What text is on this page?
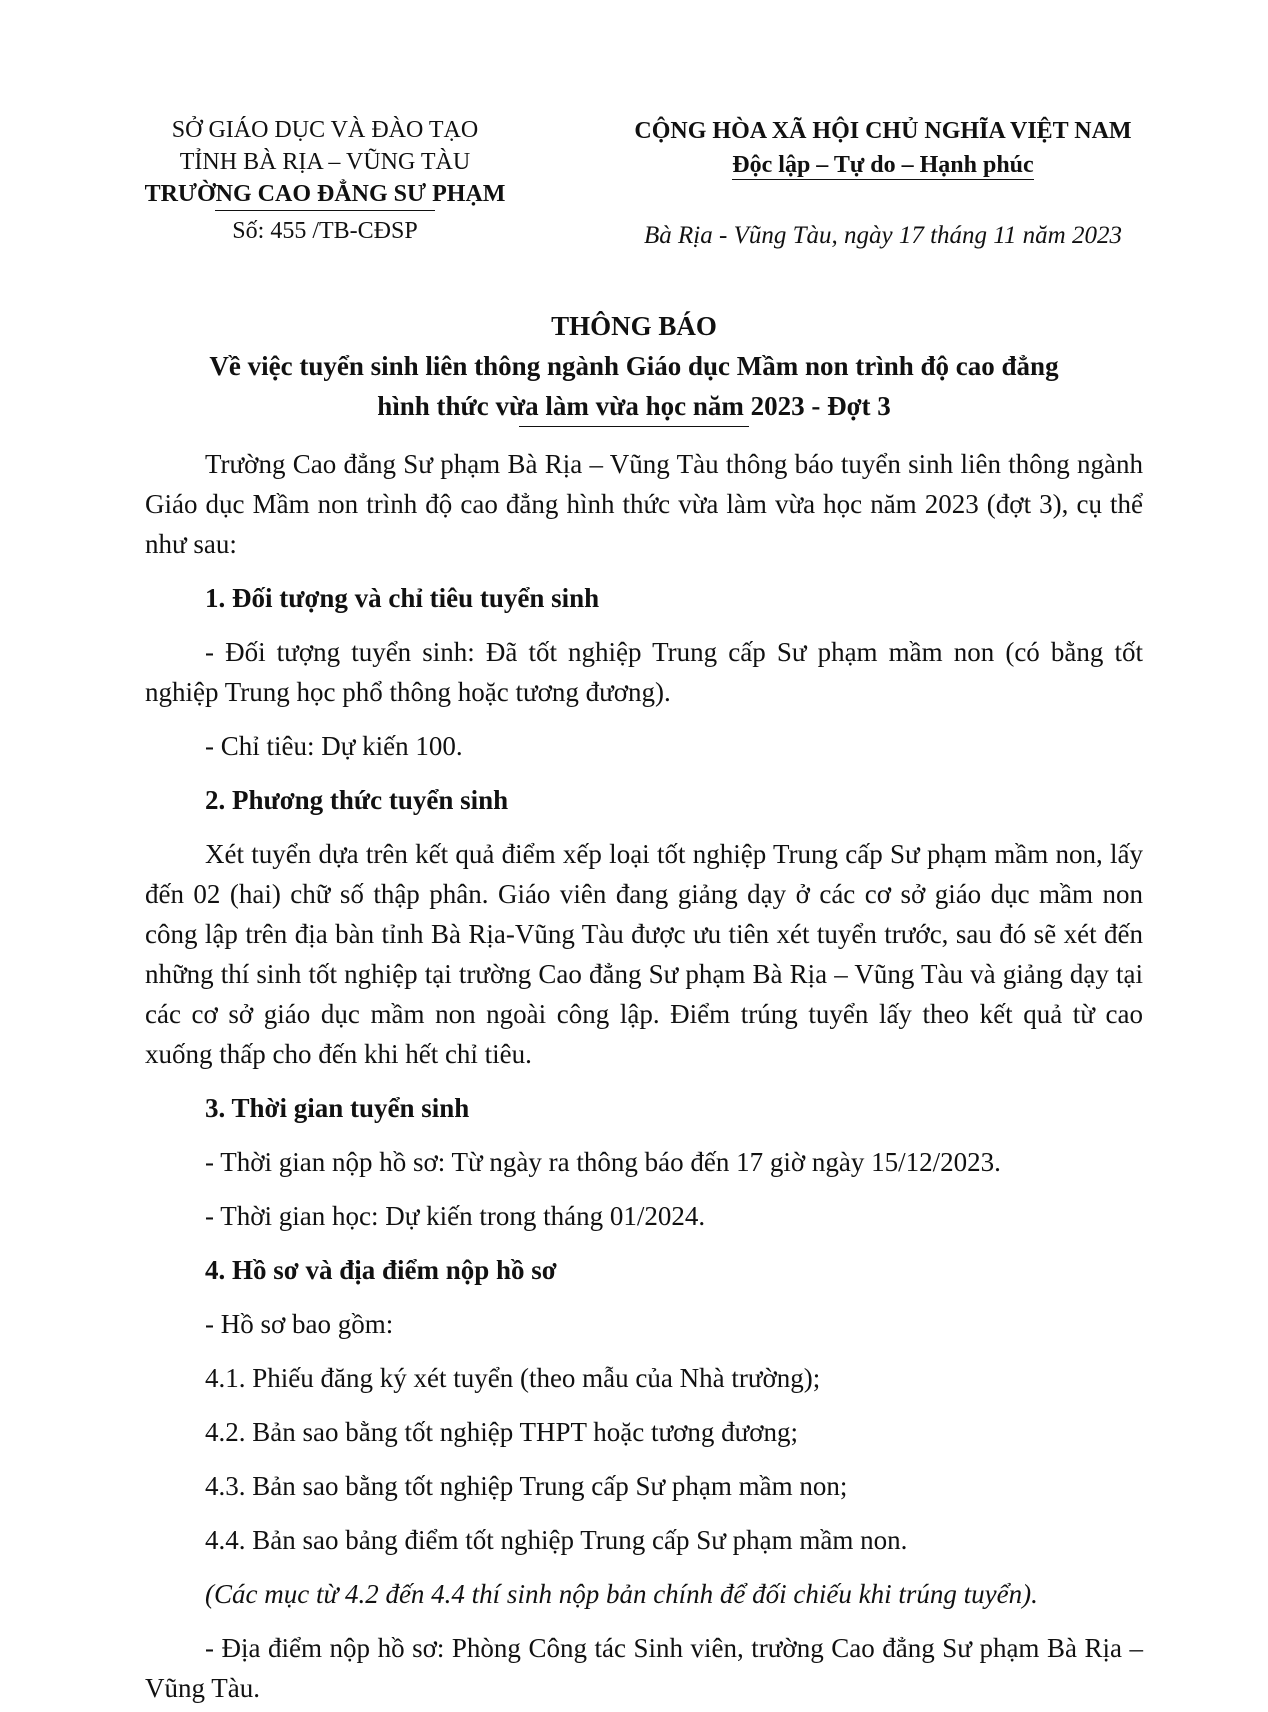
SỞ GIÁO DỤC VÀ ĐÀO TẠO
TỈNH BÀ RỊA – VŨNG TÀU

TRƯỜNG CAO ĐẲNG SƯ PHẠM
Số: 455 /TB-CĐSP
CỘNG HÒA XÃ HỘI CHỦ NGHĨA VIỆT NAM
Độc lập – Tự do – Hạnh phúc
Bà Rịa - Vũng Tàu, ngày 17 tháng 11 năm 2023
THÔNG BÁO
Về việc tuyển sinh liên thông ngành Giáo dục Mầm non trình độ cao đẳng
hình thức vừa làm vừa học năm 2023 - Đợt 3

Trường Cao đẳng Sư phạm Bà Rịa – Vũng Tàu thông báo tuyển sinh liên thông ngành Giáo dục Mầm non trình độ cao đẳng hình thức vừa làm vừa học năm 2023 (đợt 3), cụ thể như sau:

1. Đối tượng và chỉ tiêu tuyển sinh

- Đối tượng tuyển sinh: Đã tốt nghiệp Trung cấp Sư phạm mầm non (có bằng tốt nghiệp Trung học phổ thông hoặc tương đương).

- Chỉ tiêu: Dự kiến 100.

2. Phương thức tuyển sinh

Xét tuyển dựa trên kết quả điểm xếp loại tốt nghiệp Trung cấp Sư phạm mầm non, lấy đến 02 (hai) chữ số thập phân. Giáo viên đang giảng dạy ở các cơ sở giáo dục mầm non công lập trên địa bàn tỉnh Bà Rịa-Vũng Tàu được ưu tiên xét tuyển trước, sau đó sẽ xét đến những thí sinh tốt nghiệp tại trường Cao đẳng Sư phạm Bà Rịa – Vũng Tàu và giảng dạy tại các cơ sở giáo dục mầm non ngoài công lập. Điểm trúng tuyển lấy theo kết quả từ cao xuống thấp cho đến khi hết chỉ tiêu.

3. Thời gian tuyển sinh

- Thời gian nộp hồ sơ: Từ ngày ra thông báo đến 17 giờ ngày 15/12/2023.

- Thời gian học: Dự kiến trong tháng 01/2024.

4. Hồ sơ và địa điểm nộp hồ sơ

- Hồ sơ bao gồm:

4.1. Phiếu đăng ký xét tuyển (theo mẫu của Nhà trường);

4.2. Bản sao bằng tốt nghiệp THPT hoặc tương đương;

4.3. Bản sao bằng tốt nghiệp Trung cấp Sư phạm mầm non;

4.4. Bản sao bảng điểm tốt nghiệp Trung cấp Sư phạm mầm non.

(Các mục từ 4.2 đến 4.4 thí sinh nộp bản chính để đối chiếu khi trúng tuyển).

- Địa điểm nộp hồ sơ: Phòng Công tác Sinh viên, trường Cao đẳng Sư phạm Bà Rịa – Vũng Tàu.
